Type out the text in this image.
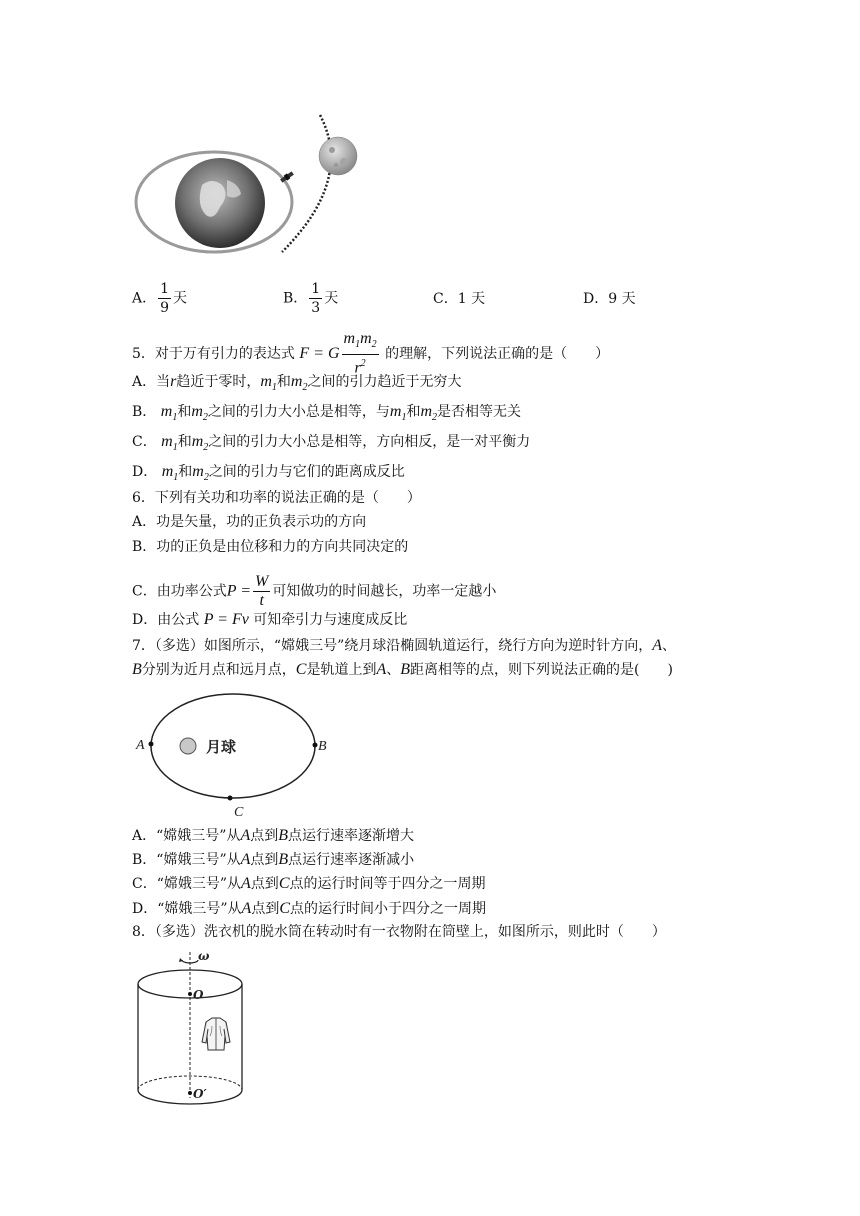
A． $\frac{1}{9}$ 天	B． $\frac{1}{3}$ 天	C．1 天	D．9 天
5．对于万有引力的表达式 F = G $\frac{m_1m_2}{r^2}$ 的理解，下列说法正确的是（　　）
A．当r趋近于零时，$m_1$和$m_2$之间的引力趋近于无穷大
B． $m_1$和$m_2$之间的引力大小总是相等，与$m_1$和$m_2$是否相等无关
C． $m_1$和$m_2$之间的引力大小总是相等，方向相反，是一对平衡力
D． $m_1$和$m_2$之间的引力与它们的距离成反比
6．下列有关功和功率的说法正确的是（　　）
A．功是矢量，功的正负表示功的方向
B．功的正负是由位移和力的方向共同决定的
C．由功率公式$P = \frac{W}{t}$ 可知做功的时间越长，功率一定越小
D．由公式 P = Fv 可知牵引力与速度成反比
7．（多选）如图所示，“嫦娥三号”绕月球沿椭圆轨道运行，绕行方向为逆时针方向，A、
B分别为近月点和远月点，C是轨道上到A、B距离相等的点，则下列说法正确的是(　　)
月球
A	B
C
A．“嫦娥三号”从A点到B点运行速率逐渐增大
B．“嫦娥三号”从A点到B点运行速率逐渐减小
C．“嫦娥三号”从A点到C点的运行时间等于四分之一周期
D．“嫦娥三号”从A点到C点的运行时间小于四分之一周期
8．（多选）洗衣机的脱水筒在转动时有一衣物附在筒壁上，如图所示，则此时（　　）
ω
O
O′
